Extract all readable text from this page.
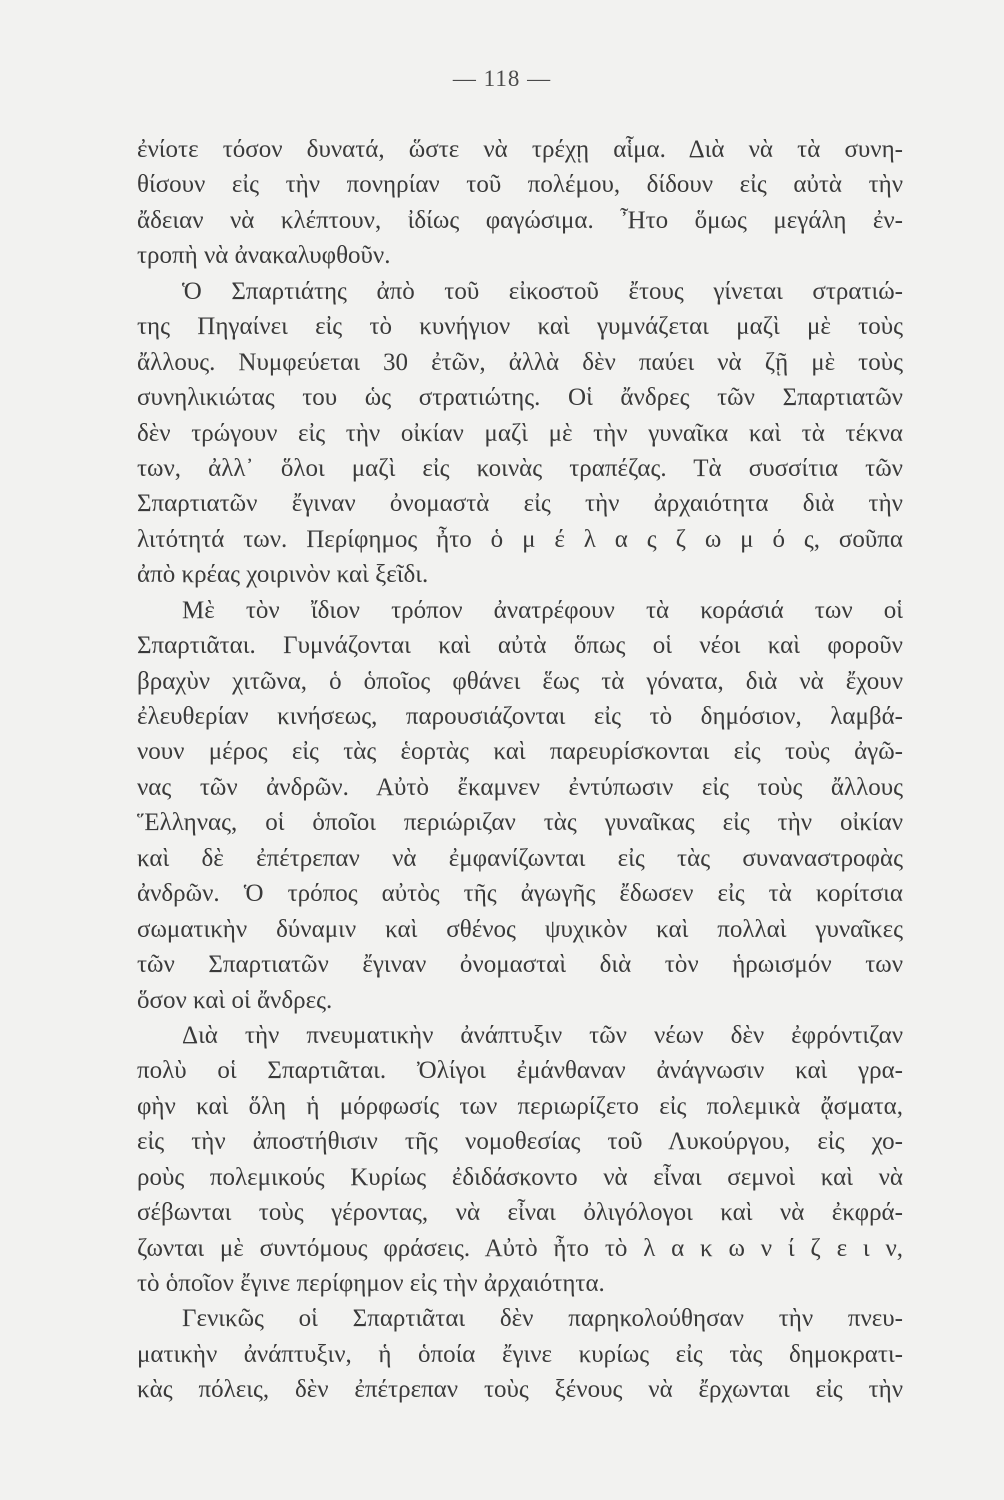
— 118 —
ἐνίοτε τόσον δυνατά, ὥστε νὰ τρέχῃ αἷμα. Διὰ νὰ τὰ συνη-
θίσουν εἰς τὴν πονηρίαν τοῦ πολέμου, δίδουν εἰς αὐτὰ τὴν
ἄδειαν νὰ κλέπτουν, ἰδίως φαγώσιμα. Ἦτο ὅμως μεγάλη ἐν-
τροπὴ νὰ ἀνακαλυφθοῦν.
Ὁ Σπαρτιάτης ἀπὸ τοῦ εἰκοστοῦ ἔτους γίνεται στρατιώ-
της Πηγαίνει εἰς τὸ κυνήγιον καὶ γυμνάζεται μαζὶ μὲ τοὺς
ἄλλους. Νυμφεύεται 30 ἐτῶν, ἀλλὰ δὲν παύει νὰ ζῇ μὲ τοὺς
συνηλικιώτας του ὡς στρατιώτης. Οἱ ἄνδρες τῶν Σπαρτιατῶν
δὲν τρώγουν εἰς τὴν οἰκίαν μαζὶ μὲ τὴν γυναῖκα καὶ τὰ τέκνα
των, ἀλλ᾽ ὅλοι μαζὶ εἰς κοινὰς τραπέζας. Τὰ συσσίτια τῶν
Σπαρτιατῶν ἔγιναν ὀνομαστὰ εἰς τὴν ἀρχαιότητα διὰ τὴν
λιτότητά των. Περίφημος ἦτο ὁ μ έ λ α ς ζ ω μ ό ς, σοῦπα
ἀπὸ κρέας χοιρινὸν καὶ ξεῖδι.
Μὲ τὸν ἴδιον τρόπον ἀνατρέφουν τὰ κοράσιά των οἱ
Σπαρτιᾶται. Γυμνάζονται καὶ αὐτὰ ὅπως οἱ νέοι καὶ φοροῦν
βραχὺν χιτῶνα, ὁ ὁποῖος φθάνει ἕως τὰ γόνατα, διὰ νὰ ἔχουν
ἐλευθερίαν κινήσεως, παρουσιάζονται εἰς τὸ δημόσιον, λαμβά-
νουν μέρος εἰς τὰς ἑορτὰς καὶ παρευρίσκονται εἰς τοὺς ἀγῶ-
νας τῶν ἀνδρῶν. Αὐτὸ ἔκαμνεν ἐντύπωσιν εἰς τοὺς ἄλλους
Ἕλληνας, οἱ ὁποῖοι περιώριζαν τὰς γυναῖκας εἰς τὴν οἰκίαν
καὶ δὲ ἐπέτρεπαν νὰ ἐμφανίζωνται εἰς τὰς συναναστροφὰς
ἀνδρῶν. Ὁ τρόπος αὐτὸς τῆς ἀγωγῆς ἔδωσεν εἰς τὰ κορίτσια
σωματικὴν δύναμιν καὶ σθένος ψυχικὸν καὶ πολλαὶ γυναῖκες
τῶν Σπαρτιατῶν ἔγιναν ὀνομασταὶ διὰ τὸν ἡρωισμόν των
ὅσον καὶ οἱ ἄνδρες.
Διὰ τὴν πνευματικὴν ἀνάπτυξιν τῶν νέων δὲν ἐφρόντιζαν
πολὺ οἱ Σπαρτιᾶται. Ὀλίγοι ἐμάνθαναν ἀνάγνωσιν καὶ γρα-
φὴν καὶ ὅλη ἡ μόρφωσίς των περιωρίζετο εἰς πολεμικὰ ᾄσματα,
εἰς τὴν ἀποστήθισιν τῆς νομοθεσίας τοῦ Λυκούργου, εἰς χο-
ροὺς πολεμικούς Κυρίως ἐδιδάσκοντο νὰ εἶναι σεμνοὶ καὶ νὰ
σέβωνται τοὺς γέροντας, νὰ εἶναι ὀλιγόλογοι καὶ νὰ ἐκφρά-
ζωνται μὲ συντόμους φράσεις. Αὐτὸ ἦτο τὸ λ α κ ω ν ί ζ ε ι ν,
τὸ ὁποῖον ἔγινε περίφημον εἰς τὴν ἀρχαιότητα.
Γενικῶς οἱ Σπαρτιᾶται δὲν παρηκολούθησαν τὴν πνευ-
ματικὴν ἀνάπτυξιν, ἡ ὁποία ἔγινε κυρίως εἰς τὰς δημοκρατι-
κὰς πόλεις, δὲν ἐπέτρεπαν τοὺς ξένους νὰ ἔρχωνται εἰς τὴν
